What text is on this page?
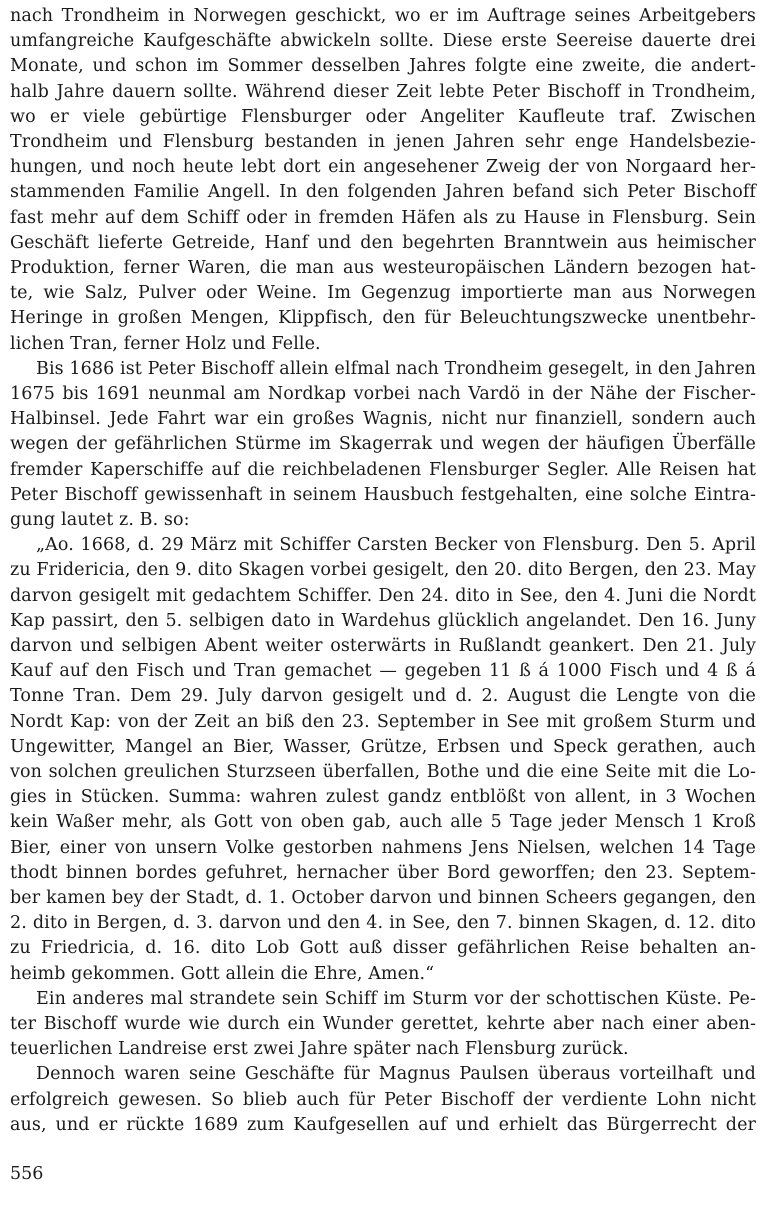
nach Trondheim in Norwegen geschickt, wo er im Auftrage seines Arbeitgebers
umfangreiche Kaufgeschäfte abwickeln sollte. Diese erste Seereise dauerte drei
Monate, und schon im Sommer desselben Jahres folgte eine zweite, die andert-
halb Jahre dauern sollte. Während dieser Zeit lebte Peter Bischoff in Trondheim,
wo er viele gebürtige Flensburger oder Angeliter Kaufleute traf. Zwischen
Trondheim und Flensburg bestanden in jenen Jahren sehr enge Handelsbezie-
hungen, und noch heute lebt dort ein angesehener Zweig der von Norgaard her-
stammenden Familie Angell. In den folgenden Jahren befand sich Peter Bischoff
fast mehr auf dem Schiff oder in fremden Häfen als zu Hause in Flensburg. Sein
Geschäft lieferte Getreide, Hanf und den begehrten Branntwein aus heimischer
Produktion, ferner Waren, die man aus westeuropäischen Ländern bezogen hat-
te, wie Salz, Pulver oder Weine. Im Gegenzug importierte man aus Norwegen
Heringe in großen Mengen, Klippfisch, den für Beleuchtungszwecke unentbehr-
lichen Tran, ferner Holz und Felle.
Bis 1686 ist Peter Bischoff allein elfmal nach Trondheim gesegelt, in den Jahren
1675 bis 1691 neunmal am Nordkap vorbei nach Vardö in der Nähe der Fischer-
Halbinsel. Jede Fahrt war ein großes Wagnis, nicht nur finanziell, sondern auch
wegen der gefährlichen Stürme im Skagerrak und wegen der häufigen Überfälle
fremder Kaperschiffe auf die reichbeladenen Flensburger Segler. Alle Reisen hat
Peter Bischoff gewissenhaft in seinem Hausbuch festgehalten, eine solche Eintra-
gung lautet z. B. so:
„Ao. 1668, d. 29 März mit Schiffer Carsten Becker von Flensburg. Den 5. April
zu Fridericia, den 9. dito Skagen vorbei gesigelt, den 20. dito Bergen, den 23. May
darvon gesigelt mit gedachtem Schiffer. Den 24. dito in See, den 4. Juni die Nordt
Kap passirt, den 5. selbigen dato in Wardehus glücklich angelandet. Den 16. Juny
darvon und selbigen Abent weiter osterwärts in Rußlandt geankert. Den 21. July
Kauf auf den Fisch und Tran gemachet — gegeben 11 ß á 1000 Fisch und 4 ß á
Tonne Tran. Dem 29. July darvon gesigelt und d. 2. August die Lengte von die
Nordt Kap: von der Zeit an biß den 23. September in See mit großem Sturm und
Ungewitter, Mangel an Bier, Wasser, Grütze, Erbsen und Speck gerathen, auch
von solchen greulichen Sturzseen überfallen, Bothe und die eine Seite mit die Lo-
gies in Stücken. Summa: wahren zulest gandz entblößt von allent, in 3 Wochen
kein Waßer mehr, als Gott von oben gab, auch alle 5 Tage jeder Mensch 1 Kroß
Bier, einer von unsern Volke gestorben nahmens Jens Nielsen, welchen 14 Tage
thodt binnen bordes gefuhret, hernacher über Bord geworffen; den 23. Septem-
ber kamen bey der Stadt, d. 1. October darvon und binnen Scheers gegangen, den
2. dito in Bergen, d. 3. darvon und den 4. in See, den 7. binnen Skagen, d. 12. dito
zu Friedricia, d. 16. dito Lob Gott auß disser gefährlichen Reise behalten an-
heimb gekommen. Gott allein die Ehre, Amen.“
Ein anderes mal strandete sein Schiff im Sturm vor der schottischen Küste. Pe-
ter Bischoff wurde wie durch ein Wunder gerettet, kehrte aber nach einer aben-
teuerlichen Landreise erst zwei Jahre später nach Flensburg zurück.
Dennoch waren seine Geschäfte für Magnus Paulsen überaus vorteilhaft und
erfolgreich gewesen. So blieb auch für Peter Bischoff der verdiente Lohn nicht
aus, und er rückte 1689 zum Kaufgesellen auf und erhielt das Bürgerrecht der
556
